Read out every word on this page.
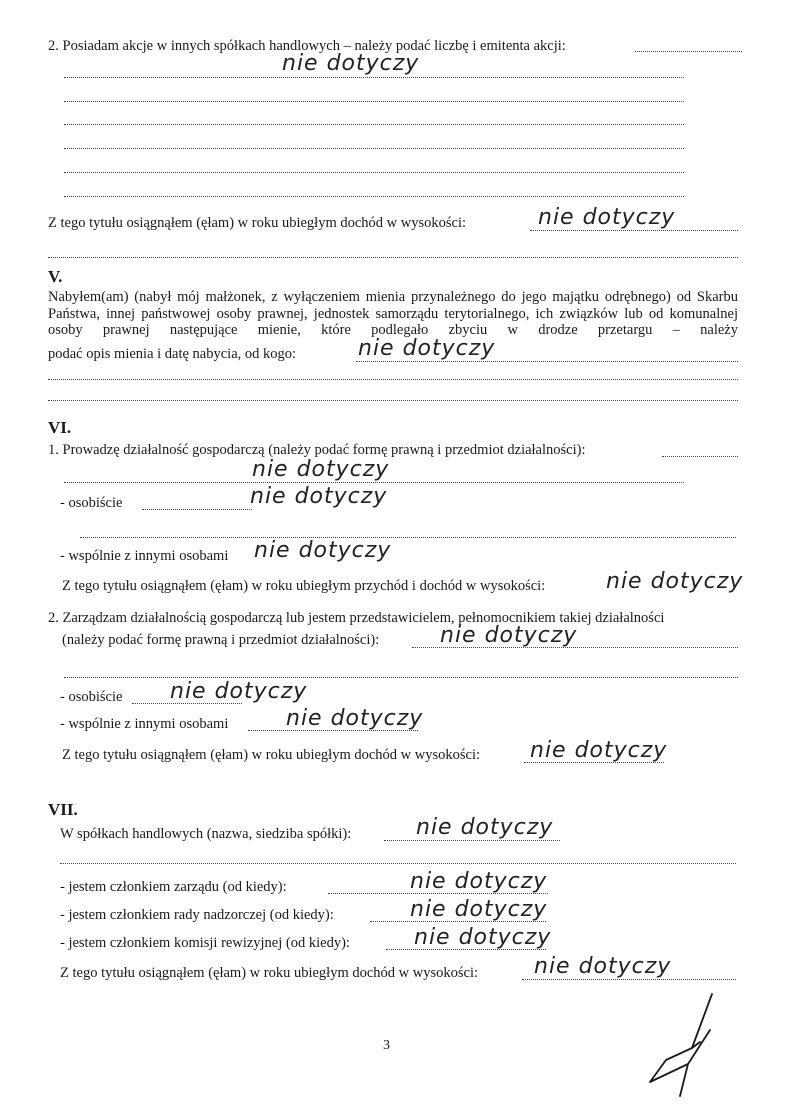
2. Posiadam akcje w innych spółkach handlowych – należy podać liczbę i emitenta akcji:
nie dotyczy
Z tego tytułu osiągnąłem (ęłam) w roku ubiegłym dochód w wysokości:	nie dotyczy
V.
Nabyłem(am) (nabył mój małżonek, z wyłączeniem mienia przynależnego do jego majątku odrębnego) od Skarbu Państwa, innej państwowej osoby prawnej, jednostek samorządu terytorialnego, ich związków lub od komunalnej osoby prawnej następujące mienie, które podlegało zbyciu w drodze przetargu – należy
podać opis mienia i datę nabycia, od kogo:	nie dotyczy
VI.
1. Prowadzę działalność gospodarczą (należy podać formę prawną i przedmiot działalności):
nie dotyczy
- osobiście	nie dotyczy
- wspólnie z innymi osobami nie dotyczy
Z tego tytułu osiągnąłem (ęłam) w roku ubiegłym przychód i dochód w wysokości:	nie dotyczy
2. Zarządzam działalnością gospodarczą lub jestem przedstawicielem, pełnomocnikiem takiej działalności
(należy podać formę prawną i przedmiot działalności):	nie dotyczy
- osobiście nie dotyczy
- wspólnie z innymi osobami	nie dotyczy
Z tego tytułu osiągnąłem (ęłam) w roku ubiegłym dochód w wysokości: nie dotyczy
VII.
W spółkach handlowych (nazwa, siedziba spółki):	nie dotyczy
- jestem członkiem zarządu (od kiedy):	nie dotyczy
- jestem członkiem rady nadzorczej (od kiedy):	nie dotyczy
- jestem członkiem komisji rewizyjnej (od kiedy):	nie dotyczy
Z tego tytułu osiągnąłem (ęłam) w roku ubiegłym dochód w wysokości:	nie dotyczy
3
